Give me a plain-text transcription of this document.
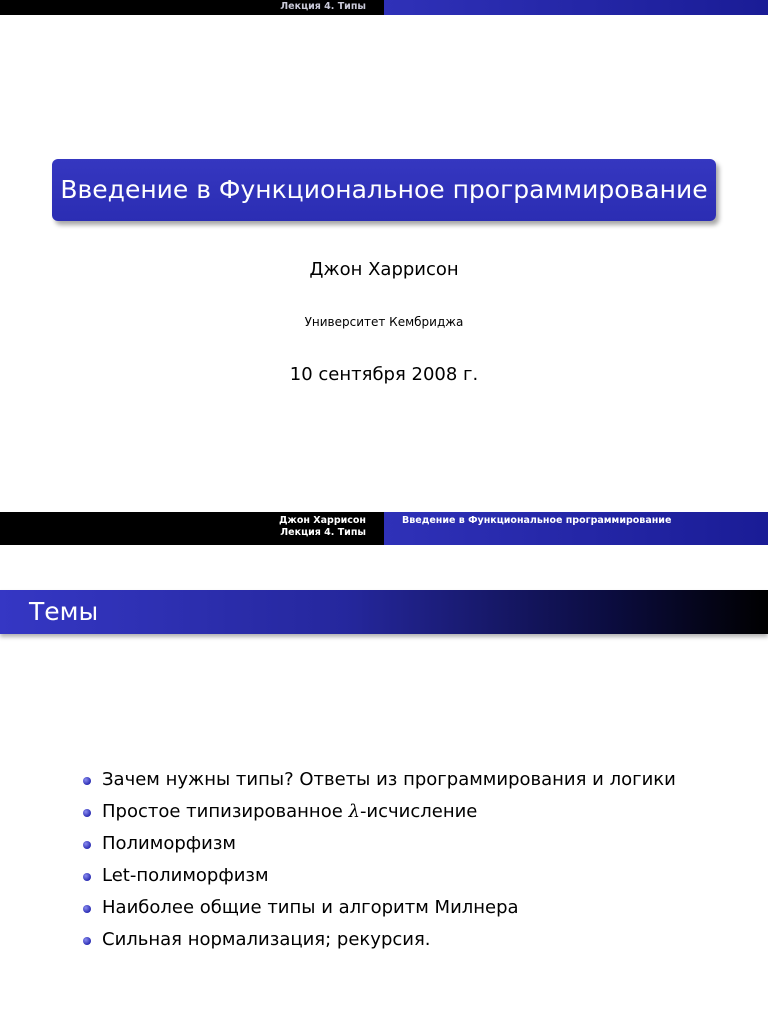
Лекция 4. Типы
Введение в Функциональное программирование
Джон Харрисон
Университет Кембриджа
10 сентября 2008 г.
Джон Харрисон
Лекция 4. Типы
Введение в Функциональное программирование
Темы
Зачем нужны типы? Ответы из программирования и логики
Простое типизированное λ-исчисление
Полиморфизм
Let-полиморфизм
Наиболее общие типы и алгоритм Милнера
Сильная нормализация; рекурсия.
